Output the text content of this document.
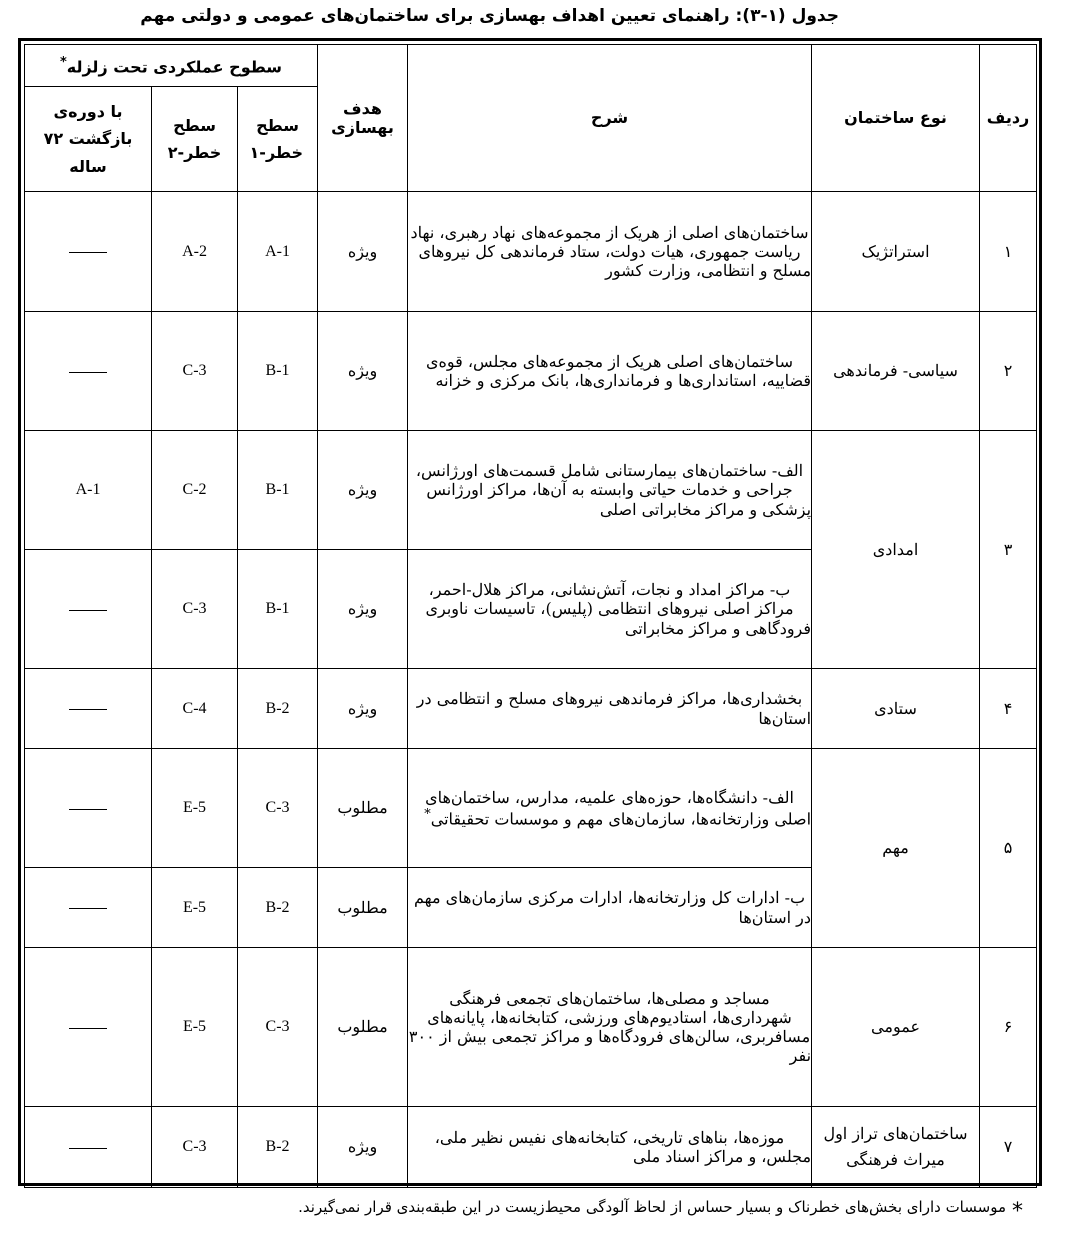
جدول (۱-۳): راهنمای تعیین اهداف بهسازی برای ساختمان‌های عمومی و دولتی مهم
ردیف	نوع ساختمان	شرح	هدف بهسازی	سطوح عملکردی تحت زلزله*
				سطح خطر-۱	سطح خطر-۲	با دوره‌ی بازگشت ۷۲ ساله
۱	استراتژیک	ساختمان‌های اصلی از هریک از مجموعه‌های نهاد رهبری، نهاد ریاست جمهوری، هیات دولت، ستاد فرماندهی کل نیروهای مسلح و انتظامی، وزارت کشور	ویژه	A-1	A-2	
۲	سیاسی- فرماندهی	ساختمان‌های اصلی هریک از مجموعه‌های مجلس، قوه‌ی قضاییه، استانداری‌ها و فرمانداری‌ها، بانک مرکزی و خزانه	ویژه	B-1	C-3	
۳	امدادی	الف- ساختمان‌های بیمارستانی شامل قسمت‌های اورژانس، جراحی و خدمات حیاتی وابسته به آن‌ها، مراکز اورژانس پزشکی و مراکز مخابراتی اصلی	ویژه	B-1	C-2	A-1
		ب- مراکز امداد و نجات، آتش‌نشانی، مراکز هلال-احمر، مراکز اصلی نیروهای انتظامی (پلیس)، تاسیسات ناوبری فرودگاهی و مراکز مخابراتی	ویژه	B-1	C-3	
۴	ستادی	بخشداری‌ها، مراکز فرماندهی نیروهای مسلح و انتظامی در استان‌ها	ویژه	B-2	C-4	
۵	مهم	الف- دانشگاه‌ها، حوزه‌های علمیه، مدارس، ساختمان‌های اصلی وزارتخانه‌ها، سازمان‌های مهم و موسسات تحقیقاتی*	مطلوب	C-3	E-5	
		ب- ادارات کل وزارتخانه‌ها، ادارات مرکزی سازمان‌های مهم در استان‌ها	مطلوب	B-2	E-5	
۶	عمومی	مساجد و مصلی‌ها، ساختمان‌های تجمعی فرهنگی شهرداری‌ها، استادیوم‌های ورزشی، کتابخانه‌ها، پایانه‌های مسافربری، سالن‌های فرودگاه‌ها و مراکز تجمعی بیش از ۳۰۰ نفر	مطلوب	C-3	E-5	
۷	ساختمان‌های تراز اول میراث فرهنگی	موزه‌ها، بناهای تاریخی، کتابخانه‌های نفیس نظیر ملی، مجلس، و مراکز اسناد ملی	ویژه	B-2	C-3	
*موسسات دارای بخش‌های خطرناک و بسیار حساس از لحاظ آلودگی محیط‌زیست در این طبقه‌بندی قرار نمی‌گیرند.
